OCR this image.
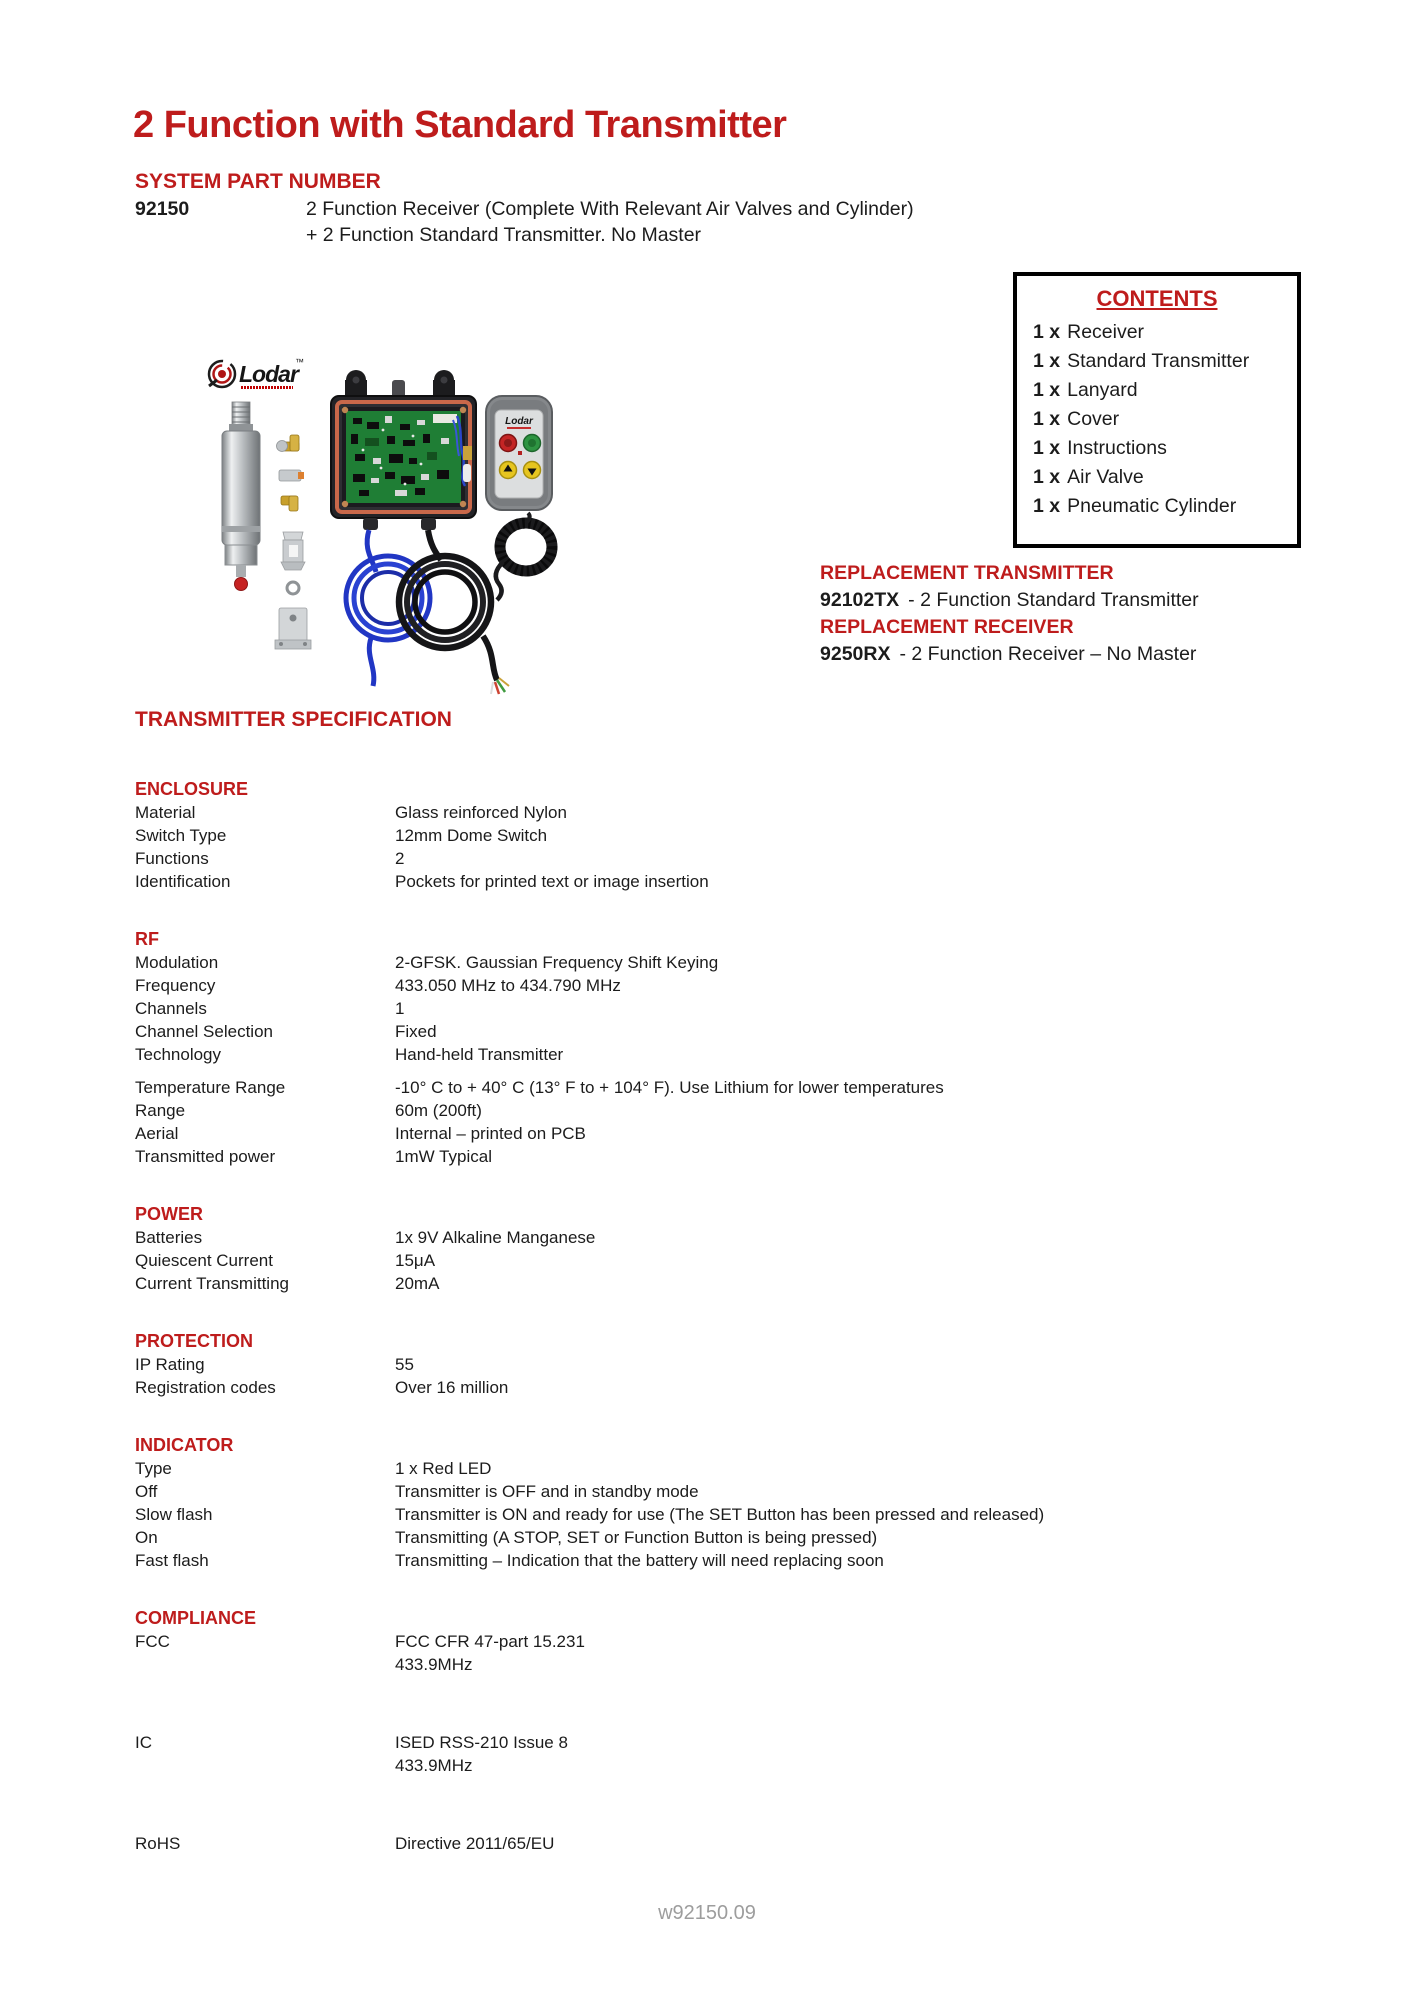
2 Function with Standard Transmitter
SYSTEM PART NUMBER
92150	2 Function Receiver (Complete With Relevant Air Valves and Cylinder)
+ 2 Function Standard Transmitter. No Master
Lodar
™
Lodar
CONTENTS
1 x Receiver
1 x Standard Transmitter
1 x Lanyard
1 x Cover
1 x Instructions
1 x Air Valve
1 x Pneumatic Cylinder
REPLACEMENT TRANSMITTER
92102TX - 2 Function Standard Transmitter
REPLACEMENT RECEIVER
9250RX - 2 Function Receiver – No Master
TRANSMITTER SPECIFICATION
ENCLOSURE
Material	Glass reinforced Nylon
Switch Type	12mm Dome Switch
Functions	2
Identification	Pockets for printed text or image insertion
RF
Modulation	2-GFSK. Gaussian Frequency Shift Keying
Frequency	433.050 MHz to 434.790 MHz
Channels	1
Channel Selection	Fixed
Technology	Hand-held Transmitter
Temperature Range	-10° C to + 40° C (13° F to + 104° F). Use Lithium for lower temperatures
Range	60m (200ft)
Aerial	Internal – printed on PCB
Transmitted power	1mW Typical
POWER
Batteries	1x 9V Alkaline Manganese
Quiescent Current	15μA
Current Transmitting	20mA
PROTECTION
IP Rating	55
Registration codes	Over 16 million
INDICATOR
Type	1 x Red LED
Off	Transmitter is OFF and in standby mode
Slow flash	Transmitter is ON and ready for use (The SET Button has been pressed and released)
On	Transmitting (A STOP, SET or Function Button is being pressed)
Fast flash	Transmitting – Indication that the battery will need replacing soon
COMPLIANCE
FCC	FCC CFR 47-part 15.231
433.9MHz
IC	ISED RSS-210 Issue 8
433.9MHz
RoHS	Directive 2011/65/EU
w92150.09
